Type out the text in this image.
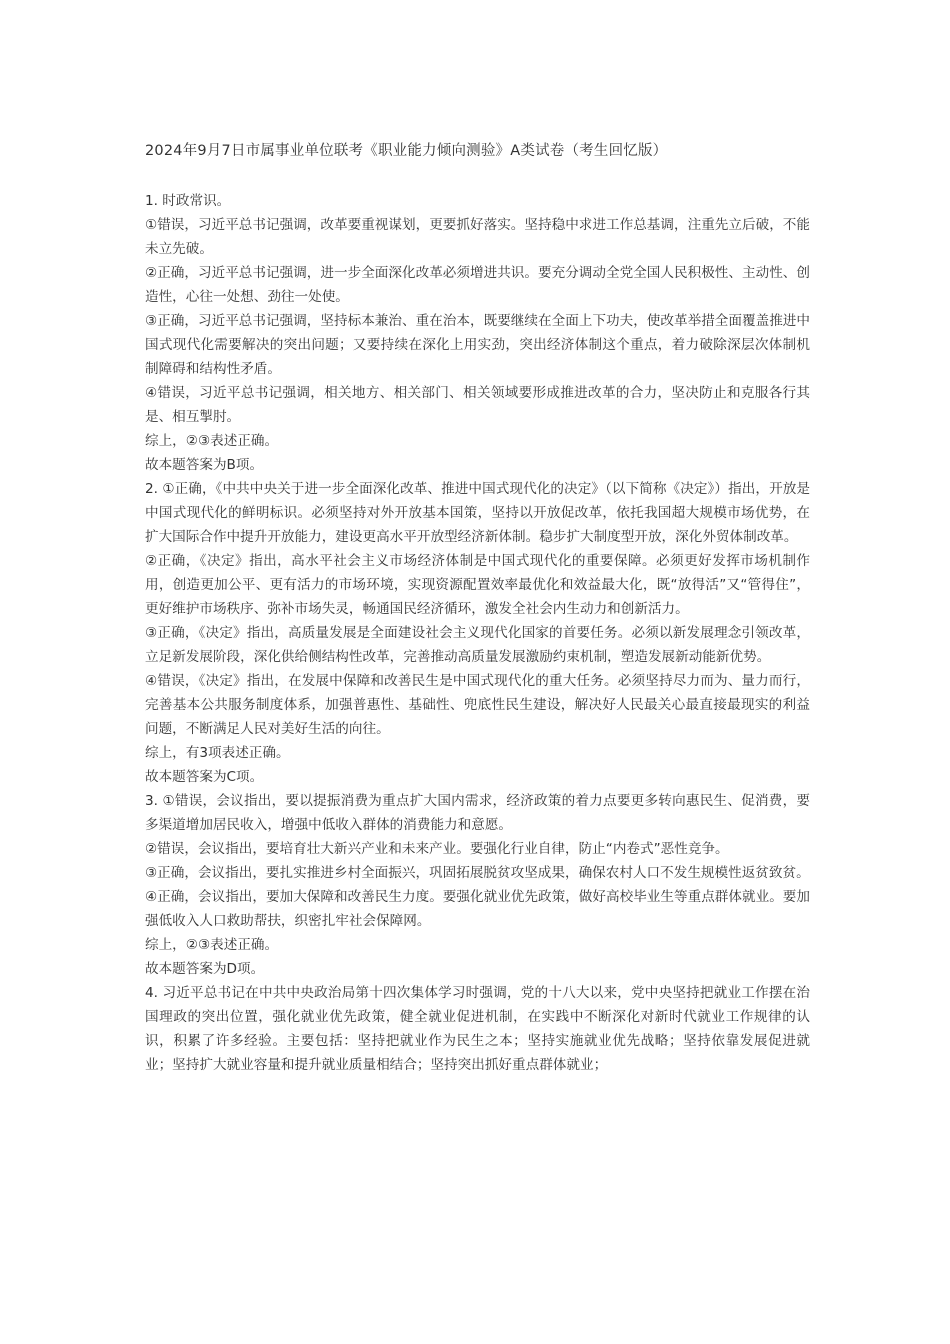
2024年9月7日市属事业单位联考《职业能力倾向测验》A类试卷（考生回忆版）

1. 时政常识。

①错误，习近平总书记强调，改革要重视谋划，更要抓好落实。坚持稳中求进工作总基调，注重先立后破，不能未立先破。

②正确，习近平总书记强调，进一步全面深化改革必须增进共识。要充分调动全党全国人民积极性、主动性、创造性，心往一处想、劲往一处使。

③正确，习近平总书记强调，坚持标本兼治、重在治本，既要继续在全面上下功夫，使改革举措全面覆盖推进中国式现代化需要解决的突出问题；又要持续在深化上用实劲，突出经济体制这个重点，着力破除深层次体制机制障碍和结构性矛盾。

④错误，习近平总书记强调，相关地方、相关部门、相关领域要形成推进改革的合力，坚决防止和克服各行其是、相互掣肘。

综上，②③表述正确。

故本题答案为B项。

2. ①正确，《中共中央关于进一步全面深化改革、推进中国式现代化的决定》（以下简称《决定》）指出，开放是中国式现代化的鲜明标识。必须坚持对外开放基本国策，坚持以开放促改革，依托我国超大规模市场优势，在扩大国际合作中提升开放能力，建设更高水平开放型经济新体制。稳步扩大制度型开放，深化外贸体制改革。

②正确，《决定》指出，高水平社会主义市场经济体制是中国式现代化的重要保障。必须更好发挥市场机制作用，创造更加公平、更有活力的市场环境，实现资源配置效率最优化和效益最大化，既“放得活”又“管得住”，更好维护市场秩序、弥补市场失灵，畅通国民经济循环，激发全社会内生动力和创新活力。

③正确，《决定》指出，高质量发展是全面建设社会主义现代化国家的首要任务。必须以新发展理念引领改革，立足新发展阶段，深化供给侧结构性改革，完善推动高质量发展激励约束机制，塑造发展新动能新优势。

④错误，《决定》指出，在发展中保障和改善民生是中国式现代化的重大任务。必须坚持尽力而为、量力而行，完善基本公共服务制度体系，加强普惠性、基础性、兜底性民生建设，解决好人民最关心最直接最现实的利益问题，不断满足人民对美好生活的向往。

综上，有3项表述正确。

故本题答案为C项。

3. ①错误，会议指出，要以提振消费为重点扩大国内需求，经济政策的着力点要更多转向惠民生、促消费，要多渠道增加居民收入，增强中低收入群体的消费能力和意愿。

②错误，会议指出，要培育壮大新兴产业和未来产业。要强化行业自律，防止“内卷式”恶性竞争。

③正确，会议指出，要扎实推进乡村全面振兴，巩固拓展脱贫攻坚成果，确保农村人口不发生规模性返贫致贫。

④正确，会议指出，要加大保障和改善民生力度。要强化就业优先政策，做好高校毕业生等重点群体就业。要加强低收入人口救助帮扶，织密扎牢社会保障网。

综上，②③表述正确。

故本题答案为D项。

4. 习近平总书记在中共中央政治局第十四次集体学习时强调，党的十八大以来，党中央坚持把就业工作摆在治国理政的突出位置，强化就业优先政策，健全就业促进机制，在实践中不断深化对新时代就业工作规律的认识，积累了许多经验。主要包括：坚持把就业作为民生之本；坚持实施就业优先战略；坚持依靠发展促进就业；坚持扩大就业容量和提升就业质量相结合；坚持突出抓好重点群体就业；
